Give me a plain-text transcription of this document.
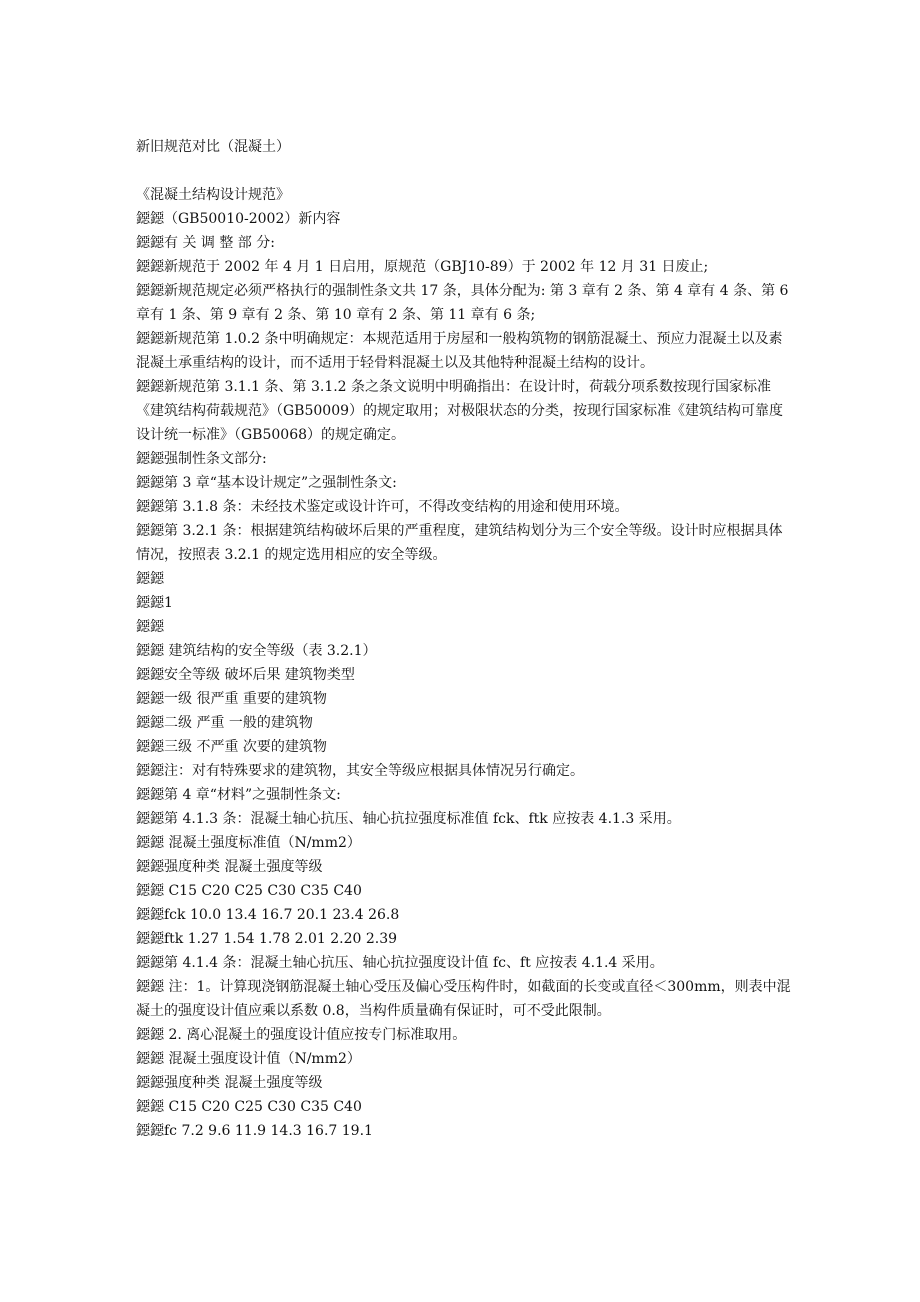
新旧规范对比（混凝土）

《混凝土结构设计规范》

鐚鐚（GB50010-2002）新内容

鐚鐚有 关 调 整 部 分:

鐚鐚新规范于 2002 年 4 月 1 日启用，原规范（GBJ10-89）于 2002 年 12 月 31 日废止;

鐚鐚新规范规定必须严格执行的强制性条文共 17 条，具体分配为: 第 3 章有 2 条、第 4 章有 4 条、第 6 章有 1 条、第 9 章有 2 条、第 10 章有 2 条、第 11 章有 6 条;

鐚鐚新规范第 1.0.2 条中明确规定：本规范适用于房屋和一般构筑物的钢筋混凝土、预应力混凝土以及素混凝土承重结构的设计，而不适用于轻骨料混凝土以及其他特种混凝土结构的设计。

鐚鐚新规范第 3.1.1 条、第 3.1.2 条之条文说明中明确指出：在设计时，荷载分项系数按现行国家标准《建筑结构荷载规范》（GB50009）的规定取用；对极限状态的分类，按现行国家标准《建筑结构可靠度设计统一标准》（GB50068）的规定确定。

鐚鐚强制性条文部分:

鐚鐚第 3 章“基本设计规定”之强制性条文:

鐚鐚第 3.1.8 条：未经技术鉴定或设计许可，不得改变结构的用途和使用环境。

鐚鐚第 3.2.1 条：根据建筑结构破坏后果的严重程度，建筑结构划分为三个安全等级。设计时应根据具体情况，按照表 3.2.1 的规定选用相应的安全等级。

鐚鐚

鐚鐚1

鐚鐚

鐚鐚 建筑结构的安全等级（表 3.2.1）

鐚鐚安全等级 破坏后果 建筑物类型

鐚鐚一级 很严重 重要的建筑物

鐚鐚二级 严重 一般的建筑物

鐚鐚三级 不严重 次要的建筑物

鐚鐚注：对有特殊要求的建筑物，其安全等级应根据具体情况另行确定。

鐚鐚第 4 章“材料”之强制性条文:

鐚鐚第 4.1.3 条：混凝土轴心抗压、轴心抗拉强度标准值 fck、ftk 应按表 4.1.3 采用。

鐚鐚 混凝土强度标准值（N/mm2）

鐚鐚强度种类 混凝土强度等级

鐚鐚 C15 C20 C25 C30 C35 C40

鐚鐚fck 10.0 13.4 16.7 20.1 23.4 26.8

鐚鐚ftk 1.27 1.54 1.78 2.01 2.20 2.39

鐚鐚第 4.1.4 条：混凝土轴心抗压、轴心抗拉强度设计值 fc、ft 应按表 4.1.4 采用。

鐚鐚 注：1。计算现浇钢筋混凝土轴心受压及偏心受压构件时，如截面的长变或直径＜300mm，则表中混凝土的强度设计值应乘以系数 0.8，当构件质量确有保证时，可不受此限制。

鐚鐚 2. 离心混凝土的强度设计值应按专门标准取用。

鐚鐚 混凝土强度设计值（N/mm2）

鐚鐚强度种类 混凝土强度等级

鐚鐚 C15 C20 C25 C30 C35 C40

鐚鐚fc 7.2 9.6 11.9 14.3 16.7 19.1
